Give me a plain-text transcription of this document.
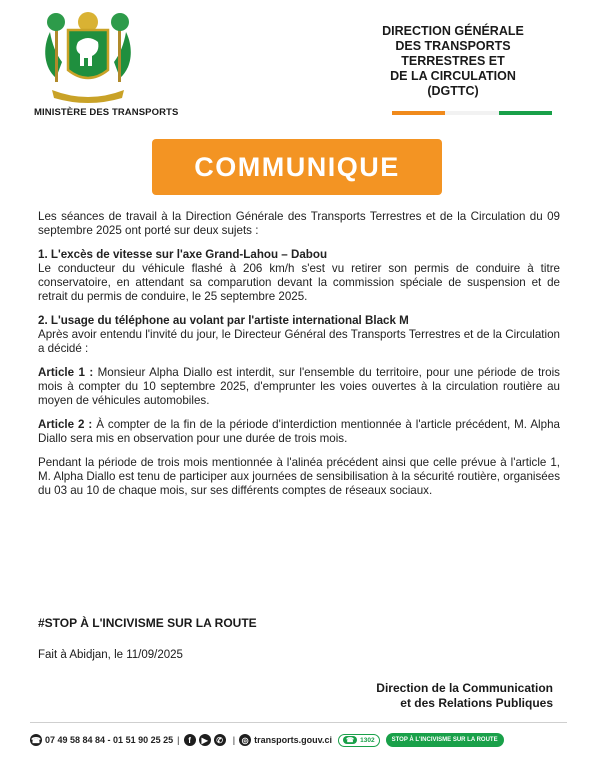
MINISTÈRE DES TRANSPORTS
DIRECTION GÉNÉRALE
DES TRANSPORTS
TERRESTRES ET
DE LA CIRCULATION
(DGTTC)
COMMUNIQUE

Les séances de travail à la Direction Générale des Transports Terrestres et de la Circulation du 09 septembre 2025 ont porté sur deux sujets :

1. L'excès de vitesse sur l'axe Grand-Lahou – Dabou
Le conducteur du véhicule flashé à 206 km/h s'est vu retirer son permis de conduire à titre conservatoire, en attendant sa comparution devant la commission spéciale de suspension et de retrait du permis de conduire, le 25 septembre 2025.
2. L'usage du téléphone au volant par l'artiste international Black M
Après avoir entendu l'invité du jour, le Directeur Général des Transports Terrestres et de la Circulation a décidé :

Article 1 : Monsieur Alpha Diallo est interdit, sur l'ensemble du territoire, pour une période de trois mois à compter du 10 septembre 2025, d'emprunter les voies ouvertes à la circulation routière au moyen de véhicules automobiles.

Article 2 : À compter de la fin de la période d'interdiction mentionnée à l'article précédent, M. Alpha Diallo sera mis en observation pour une durée de trois mois.

Pendant la période de trois mois mentionnée à l'alinéa précédent ainsi que celle prévue à l'article 1, M. Alpha Diallo est tenu de participer aux journées de sensibilisation à la sécurité routière, organisées du 03 au 10 de chaque mois, sur ses différents comptes de réseaux sociaux.

#STOP À L'INCIVISME SUR LA ROUTE
Fait à Abidjan, le 11/09/2025
Direction de la Communication
et des Relations Publiques
☎ 07 49 58 84 84 - 01 51 90 25 25 |	f	▶	✆ | ◎ transports.gouv.ci	☎ 1302	STOP À L'INCIVISME SUR LA ROUTE
